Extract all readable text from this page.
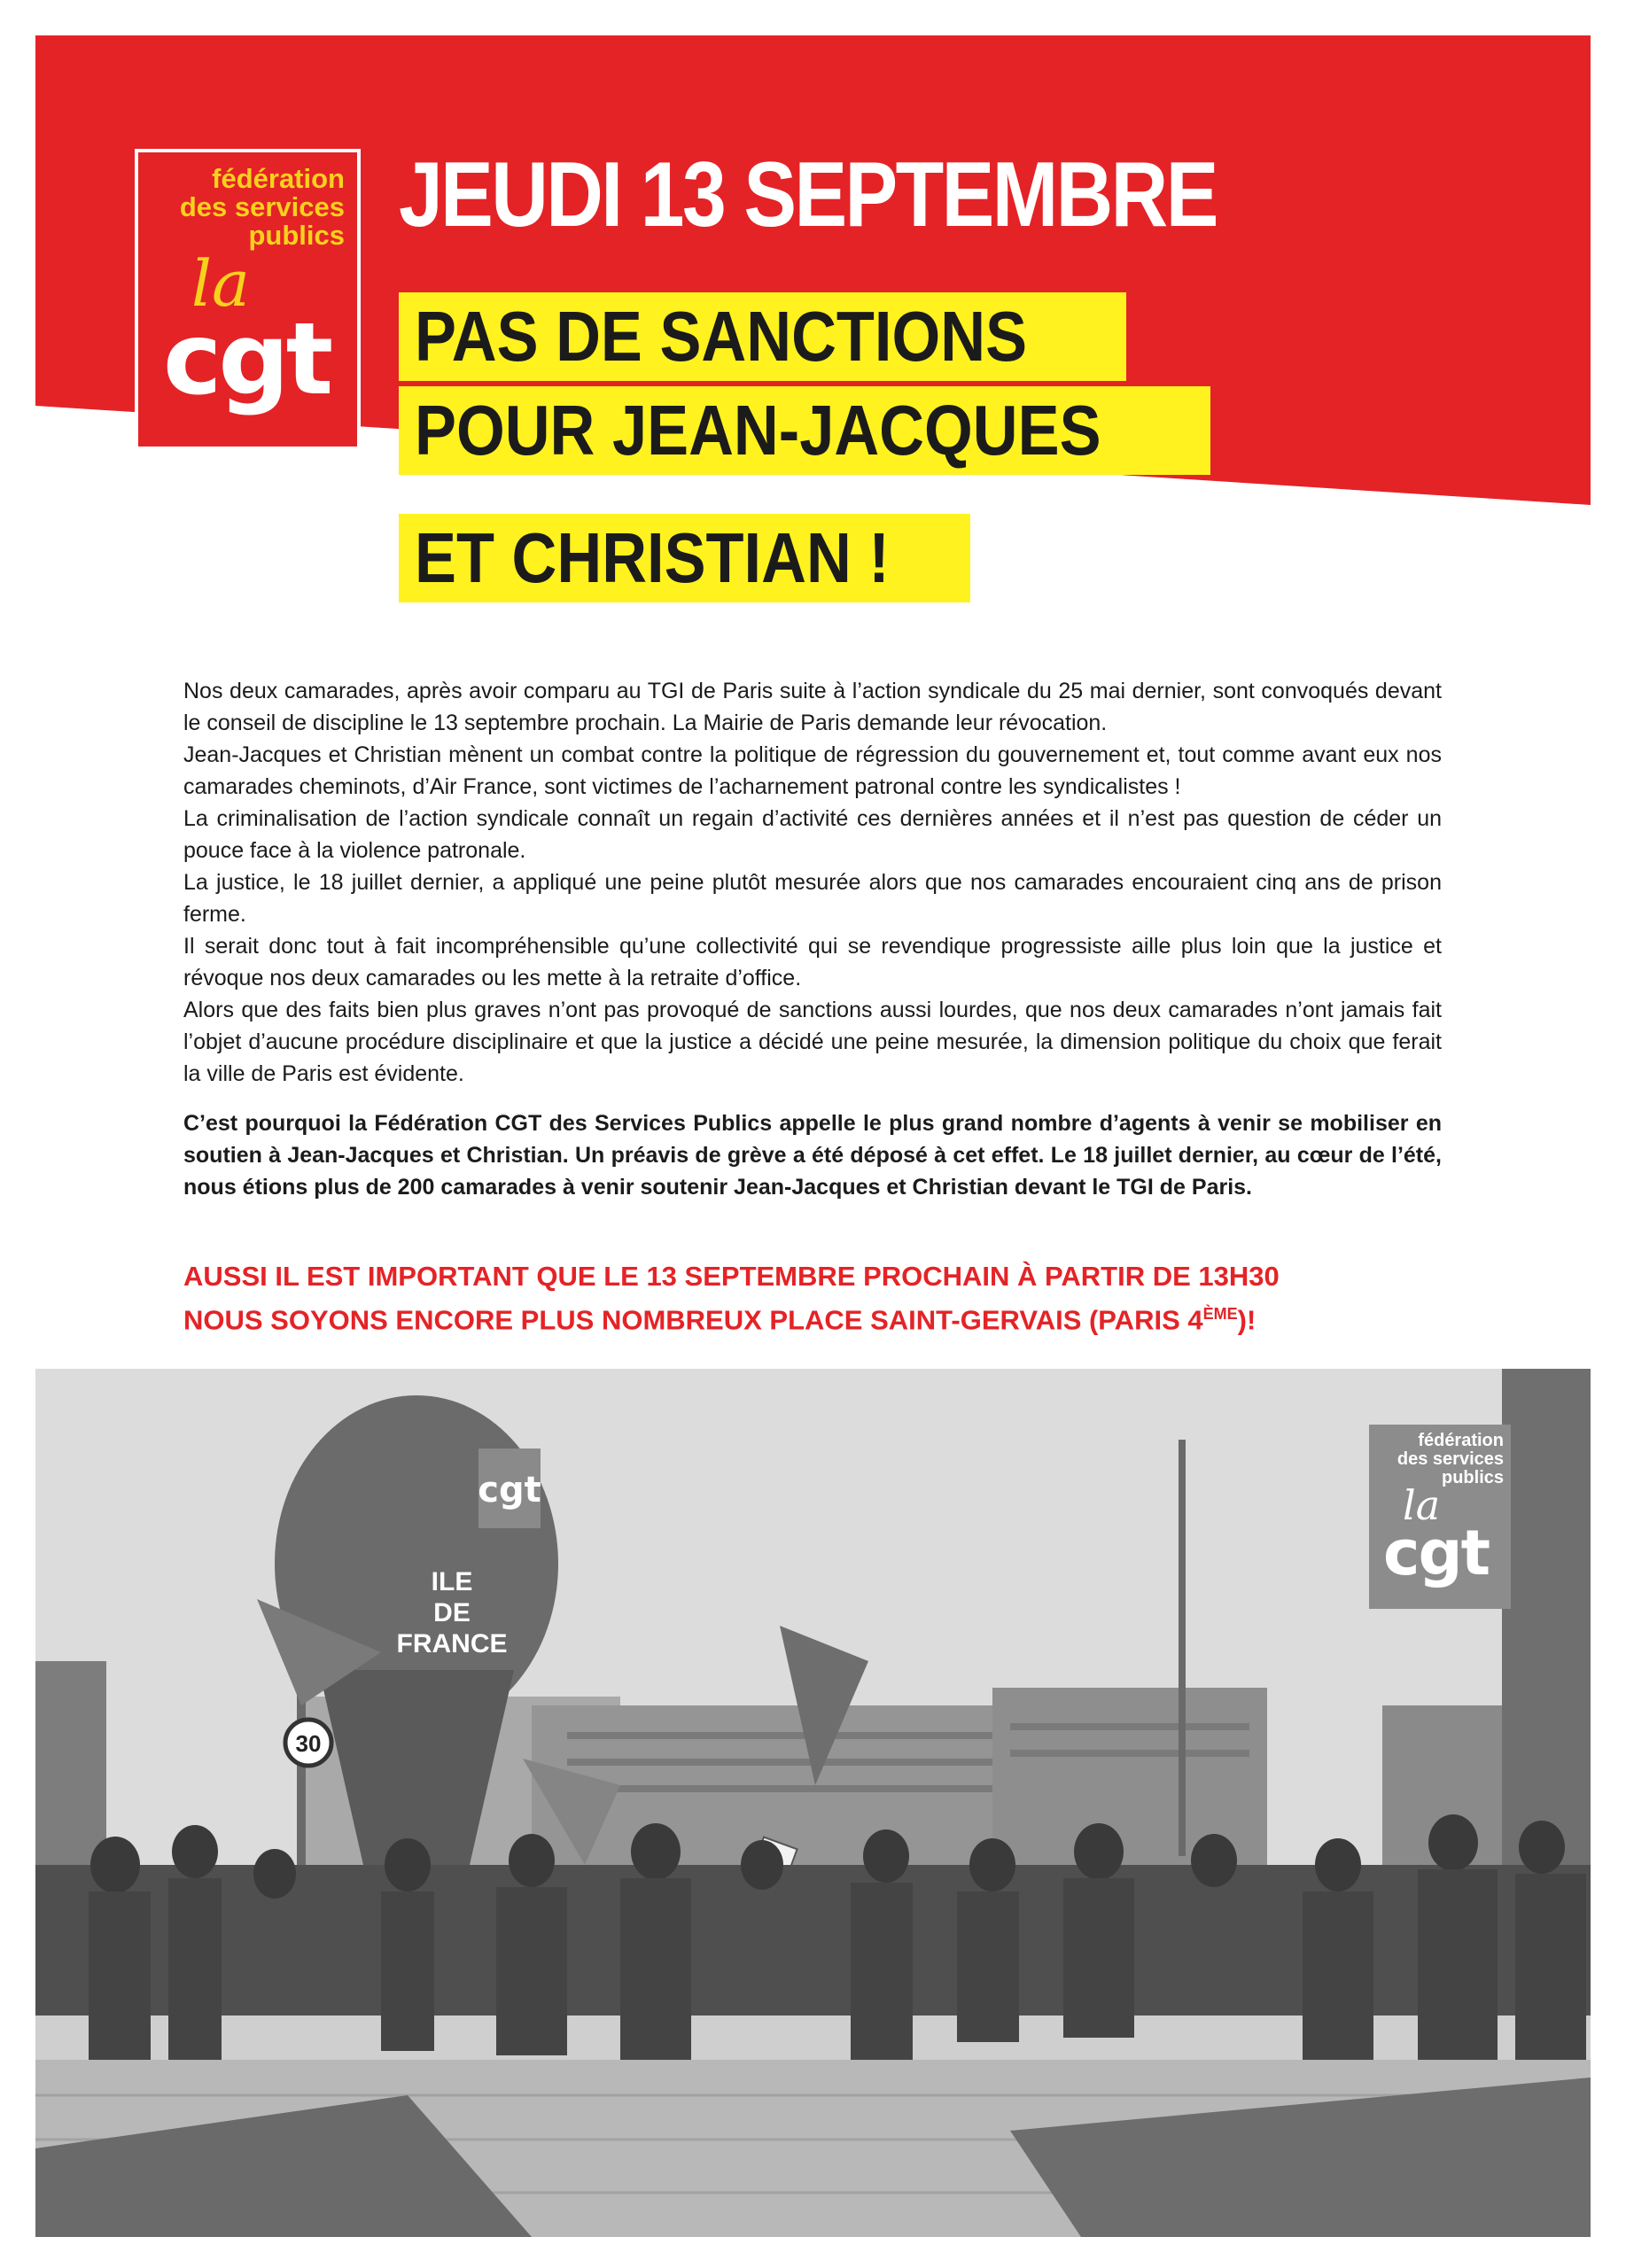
fédération
des services
publics
la
cgt
JEUDI 13 SEPTEMBRE
PAS DE SANCTIONS
POUR JEAN-JACQUES
ET CHRISTIAN !

Nos deux camarades, après avoir comparu au TGI de Paris suite à l’action syndicale du 25 mai dernier, sont convoqués devant le conseil de discipline le 13 septembre prochain. La Mairie de Paris demande leur révocation.

Jean-Jacques et Christian mènent un combat contre la politique de régression du gouvernement et, tout comme avant eux nos camarades cheminots, d’Air France, sont victimes de l’acharnement patronal contre les syndicalistes !

La criminalisation de l’action syndicale connaît un regain d’activité ces dernières années et il n’est pas question de céder un pouce face à la violence patronale.

La justice, le 18 juillet dernier, a appliqué une peine plutôt mesurée alors que nos camarades encouraient cinq ans de prison ferme.

Il serait donc tout à fait incompréhensible qu’une collectivité qui se revendique progressiste aille plus loin que la justice et révoque nos deux camarades ou les mette à la retraite d’office.

Alors que des faits bien plus graves n’ont pas provoqué de sanctions aussi lourdes, que nos deux camarades n’ont jamais fait l’objet d’aucune procédure disciplinaire et que la justice a décidé une peine mesurée, la dimension politique du choix que ferait la ville de Paris est évidente.

C’est pourquoi la Fédération CGT des Services Publics appelle le plus grand nombre d’agents à venir se mobiliser en soutien à Jean-Jacques et Christian. Un préavis de grève a été déposé à cet effet. Le 18 juillet dernier, au cœur de l’été, nous étions plus de 200 camarades à venir soutenir Jean-Jacques et Christian devant le TGI de Paris.
AUSSI IL EST IMPORTANT QUE LE 13 SEPTEMBRE PROCHAIN À PARTIR DE 13H30
NOUS SOYONS ENCORE PLUS NOMBREUX PLACE SAINT-GERVAIS (PARIS 4ÈME)!
cgt
ILE
DE
FRANCE
30
fédération
des services
publics
la
cgt
